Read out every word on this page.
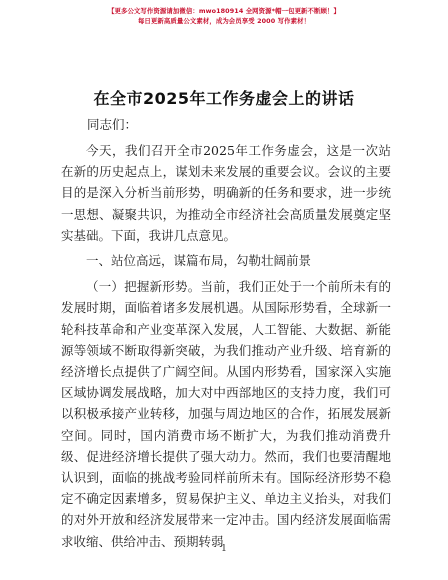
【更多公文写作资源请加微信：mwo180914 全网资源*帽一包更新不断顾！】
每日更新高质量公文素材，成为会员享受 2000 写作素材！
在全市2025年工作务虚会上的讲话
同志们：

今天，我们召开全市2025年工作务虚会，这是一次站在新的历史起点上，谋划未来发展的重要会议。会议的主要目的是深入分析当前形势，明确新的任务和要求，进一步统一思想、凝聚共识，为推动全市经济社会高质量发展奠定坚实基础。下面，我讲几点意见。

一、站位高远，谋篇布局，勾勒壮阔前景

（一）把握新形势。当前，我们正处于一个前所未有的发展时期，面临着诸多发展机遇。从国际形势看，全球新一轮科技革命和产业变革深入发展，人工智能、大数据、新能源等领域不断取得新突破，为我们推动产业升级、培育新的经济增长点提供了广阔空间。从国内形势看，国家深入实施区域协调发展战略，加大对中西部地区的支持力度，我们可以积极承接产业转移，加强与周边地区的合作，拓展发展新空间。同时，国内消费市场不断扩大，为我们推动消费升级、促进经济增长提供了强大动力。然而，我们也要清醒地认识到，面临的挑战考验同样前所未有。国际经济形势不稳定不确定因素增多，贸易保护主义、单边主义抬头，对我们的对外开放和经济发展带来一定冲击。国内经济发展面临需求收缩、供给冲击、预期转弱

1
